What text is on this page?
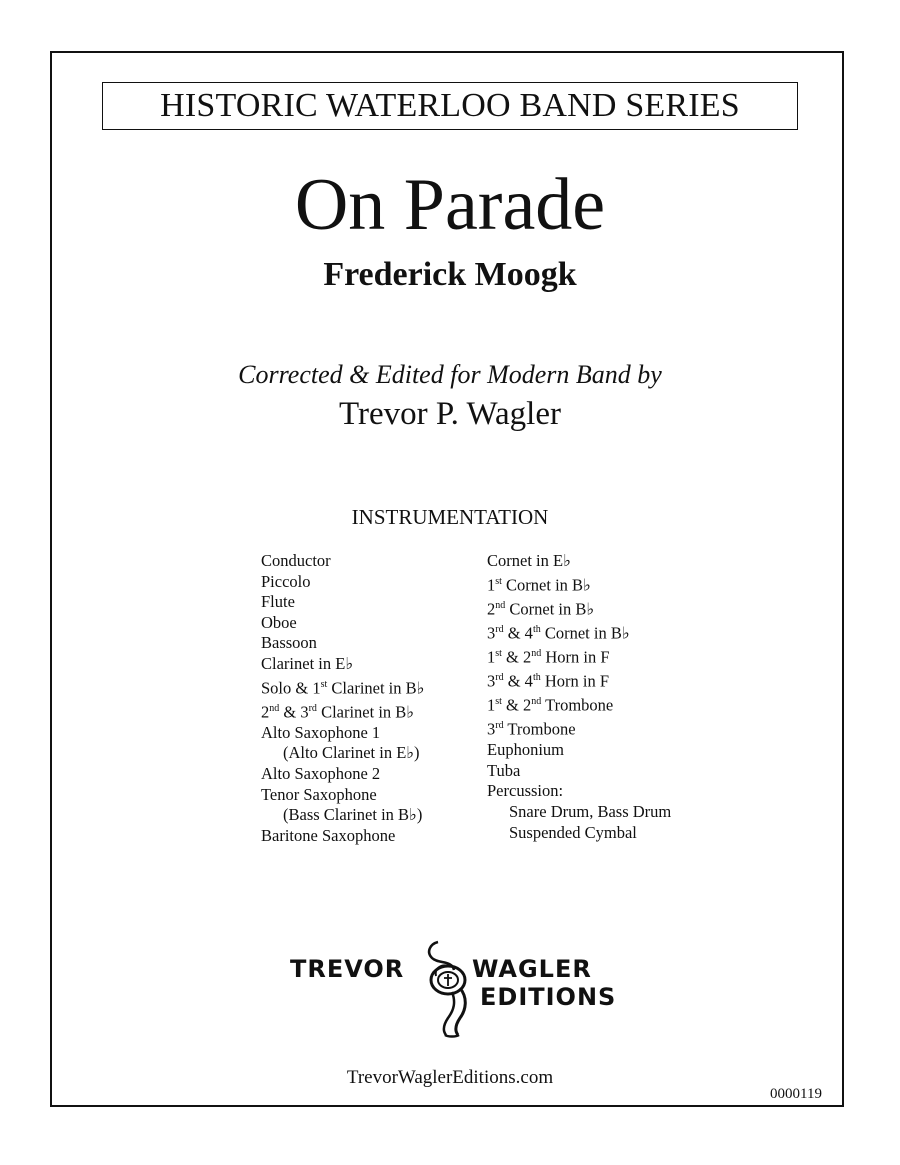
HISTORIC WATERLOO BAND SERIES
On Parade
Frederick Moogk
Corrected & Edited for Modern Band by
Trevor P. Wagler
INSTRUMENTATION
Conductor
Piccolo
Flute
Oboe
Bassoon
Clarinet in E♭
Solo & 1st Clarinet in B♭
2nd & 3rd Clarinet in B♭
Alto Saxophone 1
(Alto Clarinet in E♭)
Alto Saxophone 2
Tenor Saxophone
(Bass Clarinet in B♭)
Baritone Saxophone
Cornet in E♭
1st Cornet in B♭
2nd Cornet in B♭
3rd & 4th Cornet in B♭
1st & 2nd Horn in F
3rd & 4th Horn in F
1st & 2nd Trombone
3rd Trombone
Euphonium
Tuba
Percussion:
Snare Drum, Bass Drum
Suspended Cymbal
TREVOR	WAGLER
EDITIONS
TrevorWaglerEditions.com
0000119
